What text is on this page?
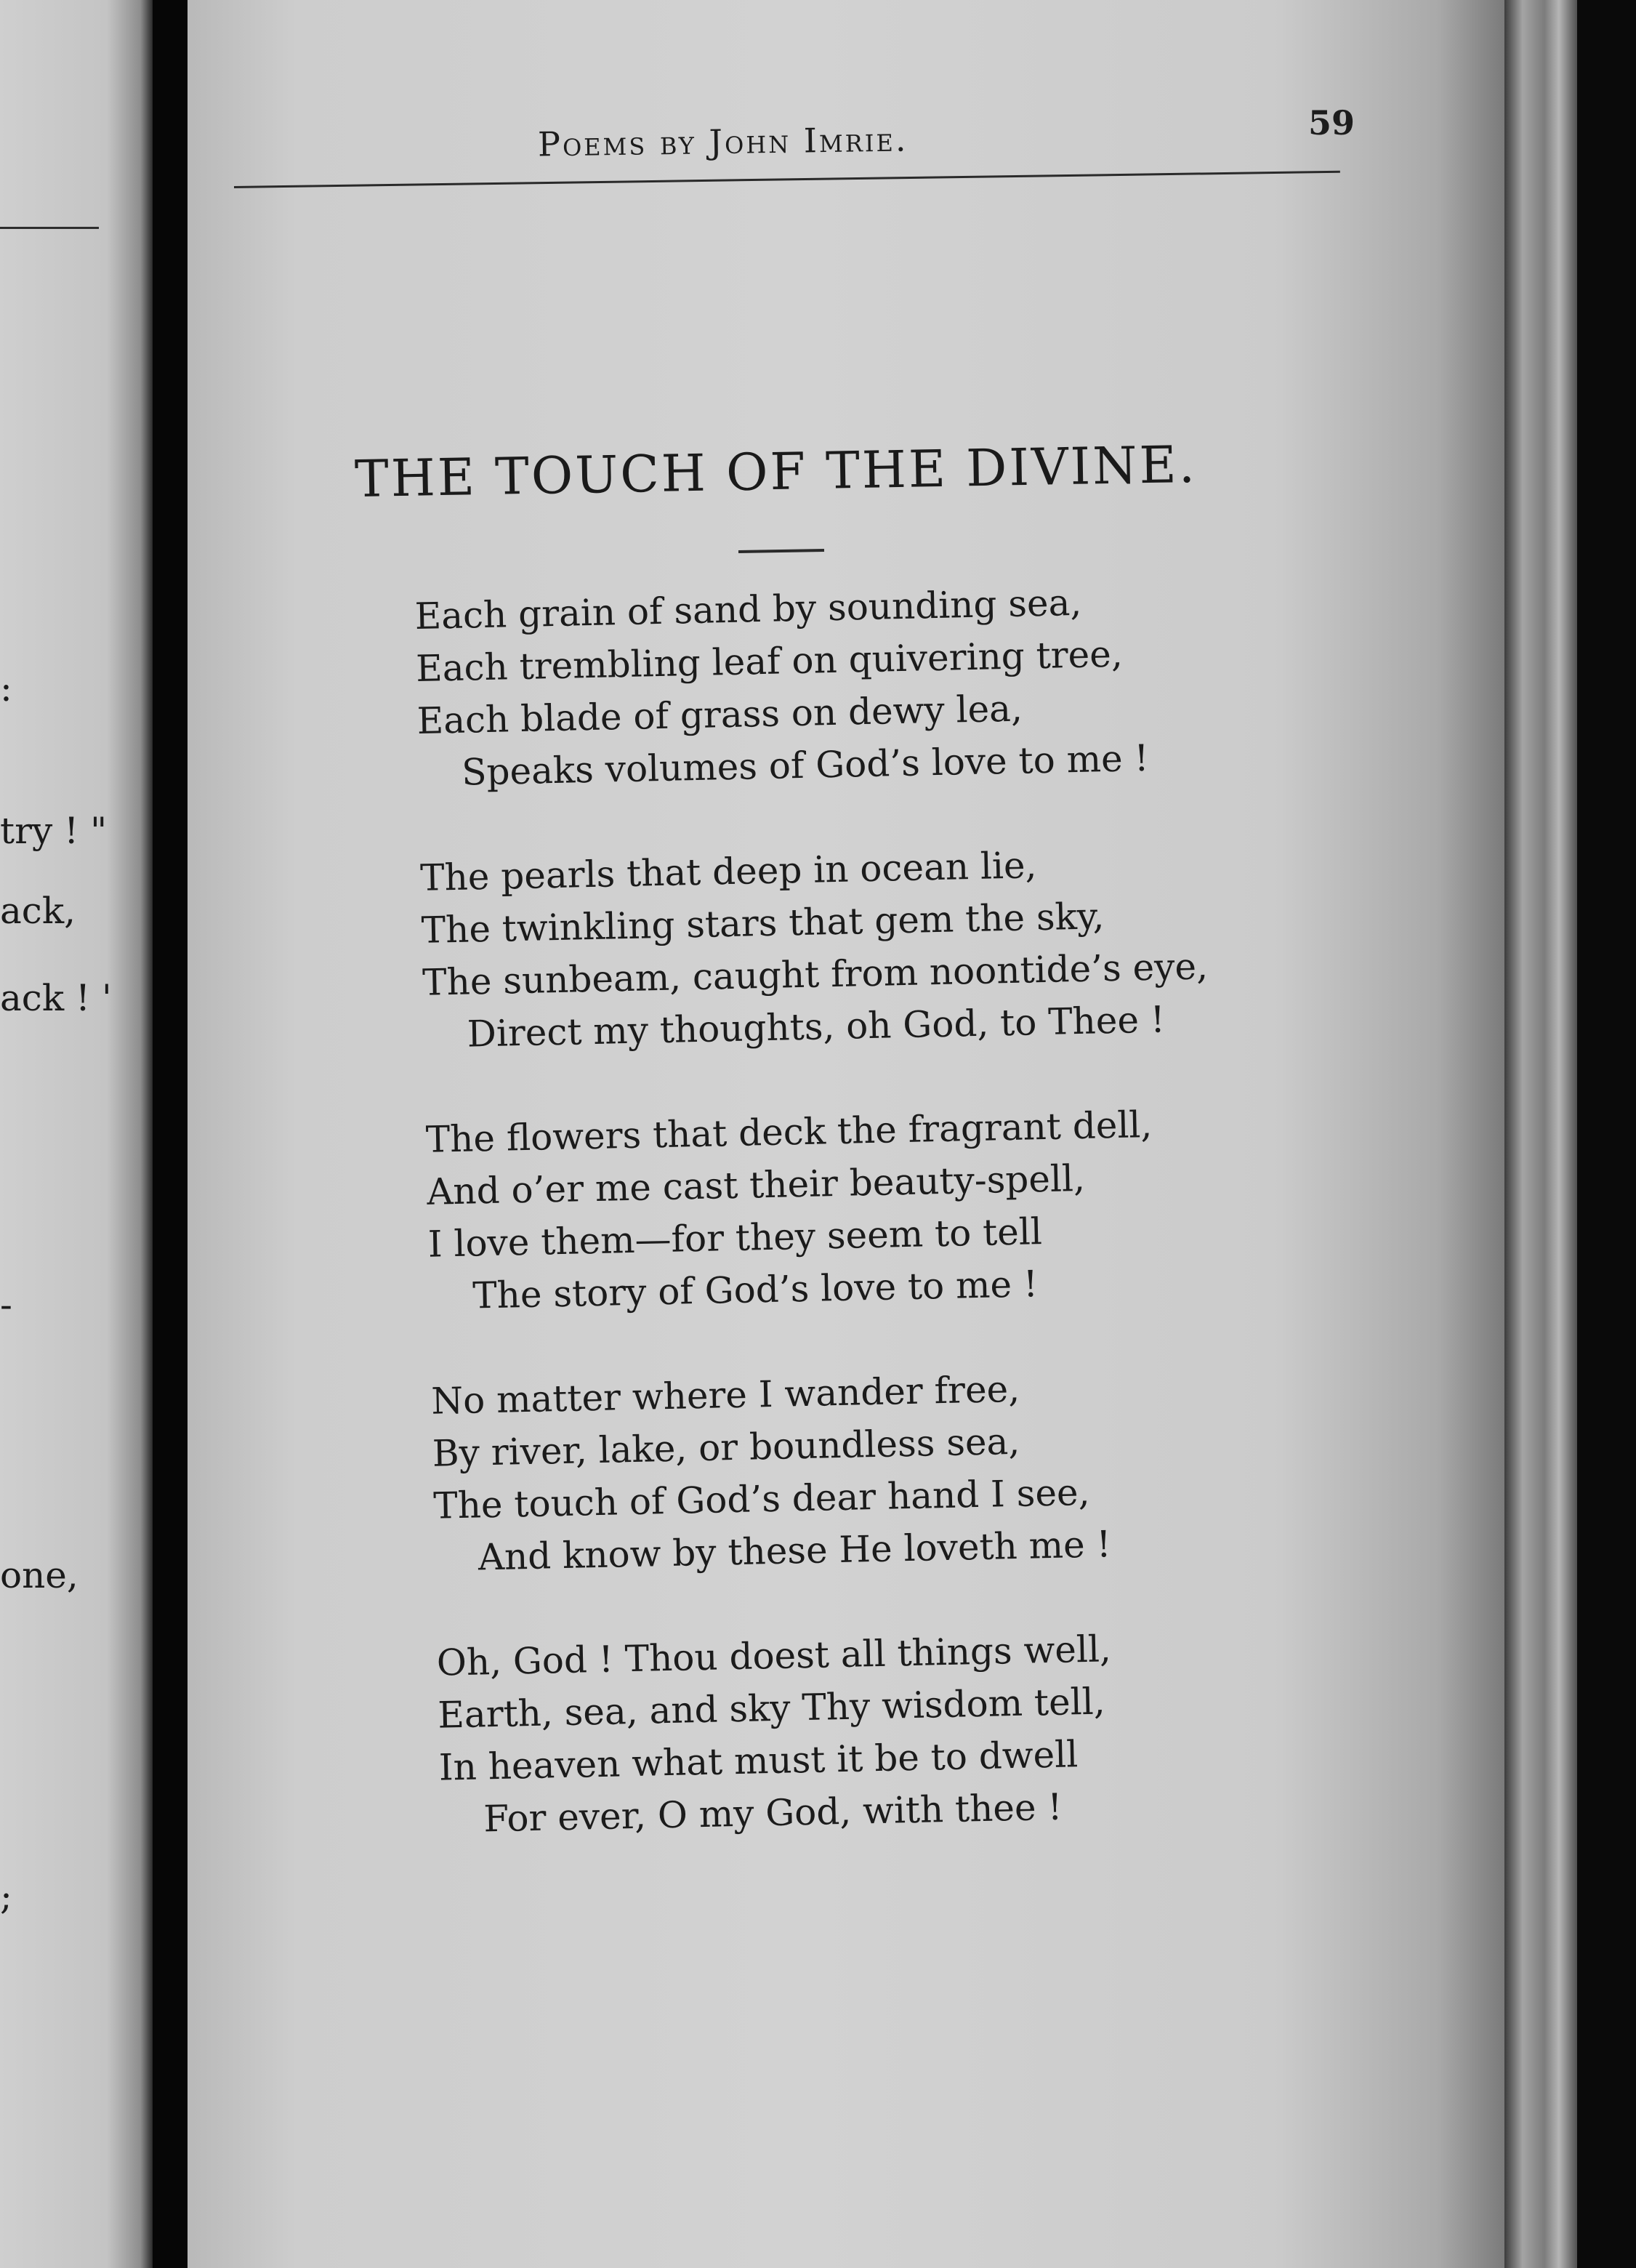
:
try ! "
ack,
ack ! '
-
one,
;
Poems by John Imrie.	59
THE TOUCH OF THE DIVINE.
Each grain of sand by sounding sea,
Each trembling leaf on quivering tree,
Each blade of grass on dewy lea,
Speaks volumes of God’s love to me !
The pearls that deep in ocean lie,
The twinkling stars that gem the sky,
The sunbeam, caught from noontide’s eye,
Direct my thoughts, oh God, to Thee !
The flowers that deck the fragrant dell,
And o’er me cast their beauty-spell,
I love them—for they seem to tell
The story of God’s love to me !
No matter where I wander free,
By river, lake, or boundless sea,
The touch of God’s dear hand I see,
And know by these He loveth me !
Oh, God ! Thou doest all things well,
Earth, sea, and sky Thy wisdom tell,
In heaven what must it be to dwell
For ever, O my God, with thee !
